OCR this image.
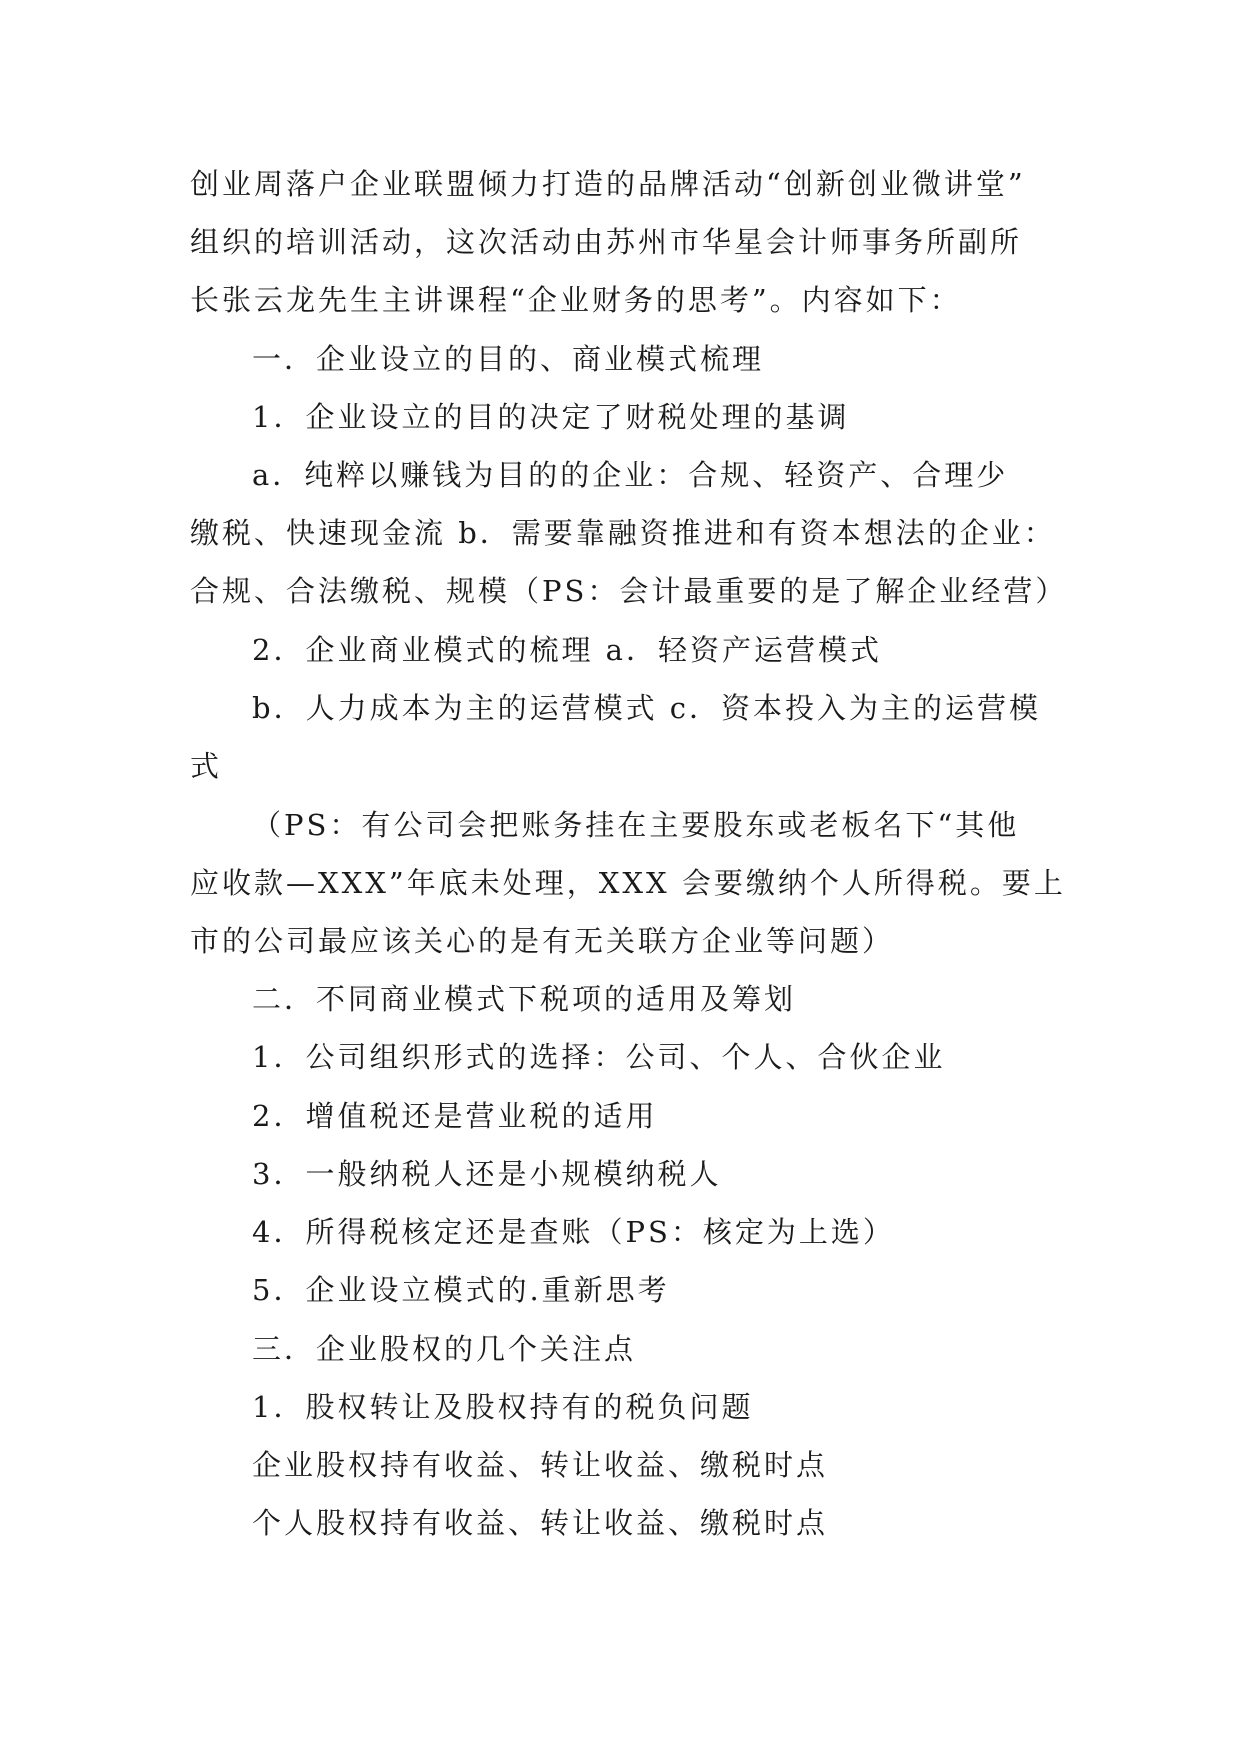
创业周落户企业联盟倾力打造的品牌活动“创新创业微讲堂”
组织的培训活动，这次活动由苏州市华星会计师事务所副所
长张云龙先生主讲课程“企业财务的思考”。内容如下：
一．企业设立的目的、商业模式梳理
1．企业设立的目的决定了财税处理的基调
a．纯粹以赚钱为目的的企业：合规、轻资产、合理少
缴税、快速现金流 b．需要靠融资推进和有资本想法的企业：
合规、合法缴税、规模（PS：会计最重要的是了解企业经营）
2．企业商业模式的梳理 a．轻资产运营模式
b．人力成本为主的运营模式 c．资本投入为主的运营模
式
（PS：有公司会把账务挂在主要股东或老板名下“其他
应收款—XXX”年底未处理，XXX 会要缴纳个人所得税。要上
市的公司最应该关心的是有无关联方企业等问题）
二．不同商业模式下税项的适用及筹划
1．公司组织形式的选择：公司、个人、合伙企业
2．增值税还是营业税的适用
3．一般纳税人还是小规模纳税人
4．所得税核定还是查账（PS：核定为上选）
5．企业设立模式的.重新思考
三．企业股权的几个关注点
1．股权转让及股权持有的税负问题
企业股权持有收益、转让收益、缴税时点
个人股权持有收益、转让收益、缴税时点
